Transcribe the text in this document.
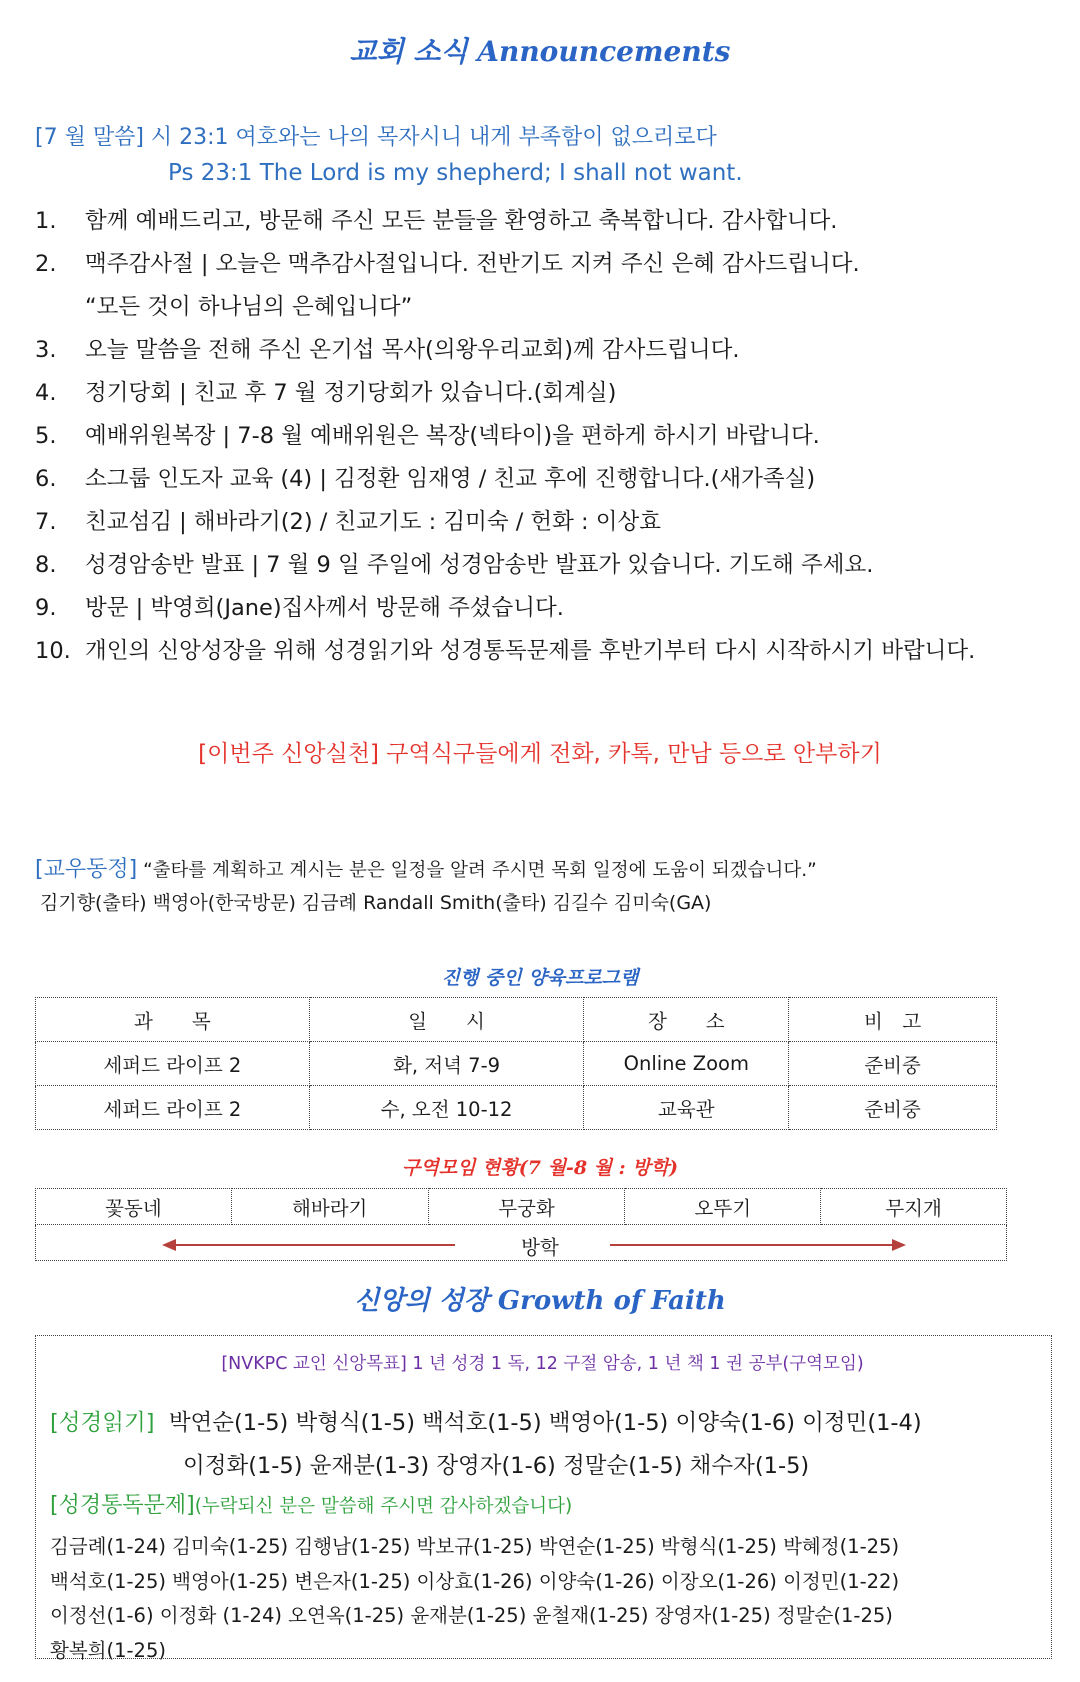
교회 소식 Announcements
[7 월 말씀] 시 23:1 여호와는 나의 목자시니 내게 부족함이 없으리로다
Ps 23:1 The Lord is my shepherd; I shall not want.
1. 함께 예배드리고, 방문해 주신 모든 분들을 환영하고 축복합니다. 감사합니다.
2. 맥주감사절 | 오늘은 맥추감사절입니다. 전반기도 지켜 주신 은혜 감사드립니다.
“모든 것이 하나님의 은혜입니다”
3. 오늘 말씀을 전해 주신 온기섭 목사(의왕우리교회)께 감사드립니다.
4. 정기당회 | 친교 후 7 월 정기당회가 있습니다.(회계실)
5. 예배위원복장 | 7-8 월 예배위원은 복장(넥타이)을 편하게 하시기 바랍니다.
6. 소그룹 인도자 교육 (4) | 김정환 임재영 / 친교 후에 진행합니다.(새가족실)
7. 친교섬김 | 해바라기(2) / 친교기도 : 김미숙 / 헌화 : 이상효
8. 성경암송반 발표 | 7 월 9 일 주일에 성경암송반 발표가 있습니다. 기도해 주세요.
9. 방문 | 박영희(Jane)집사께서 방문해 주셨습니다.
10. 개인의 신앙성장을 위해 성경읽기와 성경통독문제를 후반기부터 다시 시작하시기 바랍니다.
[이번주 신앙실천] 구역식구들에게 전화, 카톡, 만남 등으로 안부하기
[교우동정] “출타를 계획하고 계시는 분은 일정을 알려 주시면 목회 일정에 도움이 되겠습니다.”
김기향(출타) 백영아(한국방문) 김금례 Randall Smith(출타) 김길수 김미숙(GA)
진행 중인 양육프로그램
과　　목	일　　시	장　　소	비　고
세퍼드 라이프 2	화, 저녁 7-9	Online Zoom	준비중
세퍼드 라이프 2	수, 오전 10-12	교육관	준비중
구역모임 현황(7 월-8 월 : 방학)
꽃동네	해바라기	무궁화	오뚜기	무지개

방학
신앙의 성장 Growth of Faith
[NVKPC 교인 신앙목표] 1 년 성경 1 독, 12 구절 암송, 1 년 책 1 권 공부(구역모임)
[성경읽기] 박연순(1-5) 박형식(1-5) 백석호(1-5) 백영아(1-5) 이양숙(1-6) 이정민(1-4)
이정화(1-5) 윤재분(1-3) 장영자(1-6) 정말순(1-5) 채수자(1-5)
[성경통독문제](누락되신 분은 말씀해 주시면 감사하겠습니다)
김금례(1-24) 김미숙(1-25) 김행남(1-25) 박보규(1-25) 박연순(1-25) 박형식(1-25) 박혜정(1-25)
백석호(1-25) 백영아(1-25) 변은자(1-25) 이상효(1-26) 이양숙(1-26) 이장오(1-26) 이정민(1-22)
이정선(1-6) 이정화 (1-24) 오연옥(1-25) 윤재분(1-25) 윤철재(1-25) 장영자(1-25) 정말순(1-25)
황복희(1-25)
